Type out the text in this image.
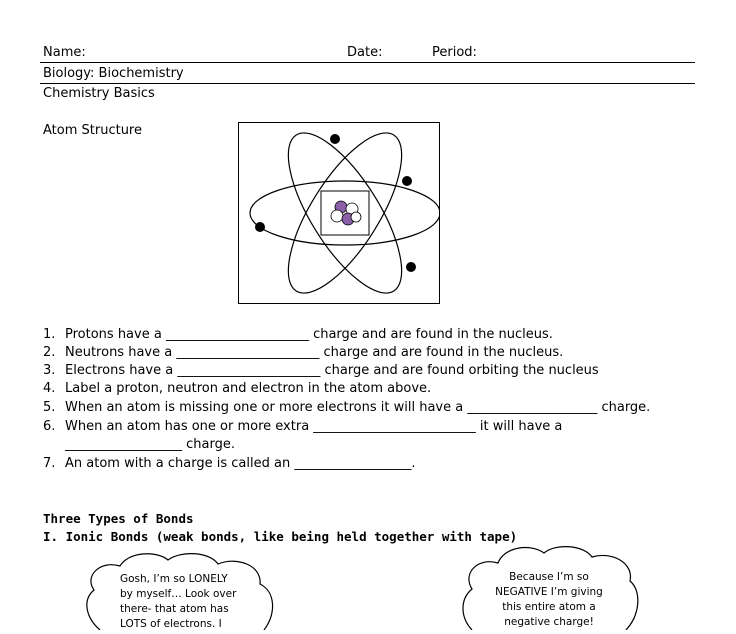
Name:	Date:	Period:
Biology: Biochemistry
Chemistry Basics
Atom Structure
1. Protons have a ______________________ charge and are found in the nucleus.
2. Neutrons have a ______________________ charge and are found in the nucleus.
3. Electrons have a ______________________ charge and are found orbiting the nucleus
4. Label a proton, neutron and electron in the atom above.
5. When an atom is missing one or more electrons it will have a ____________________ charge.
6. When an atom has one or more extra _________________________ it will have a
__________________ charge.
7. An atom with a charge is called an __________________.
Three Types of Bonds
I. Ionic Bonds (weak bonds, like being held together with tape)
Gosh, I’m so LONELY
by myself… Look over
there- that atom has
LOTS of electrons. I
Because I’m so
NEGATIVE I’m giving
this entire atom a
negative charge!
